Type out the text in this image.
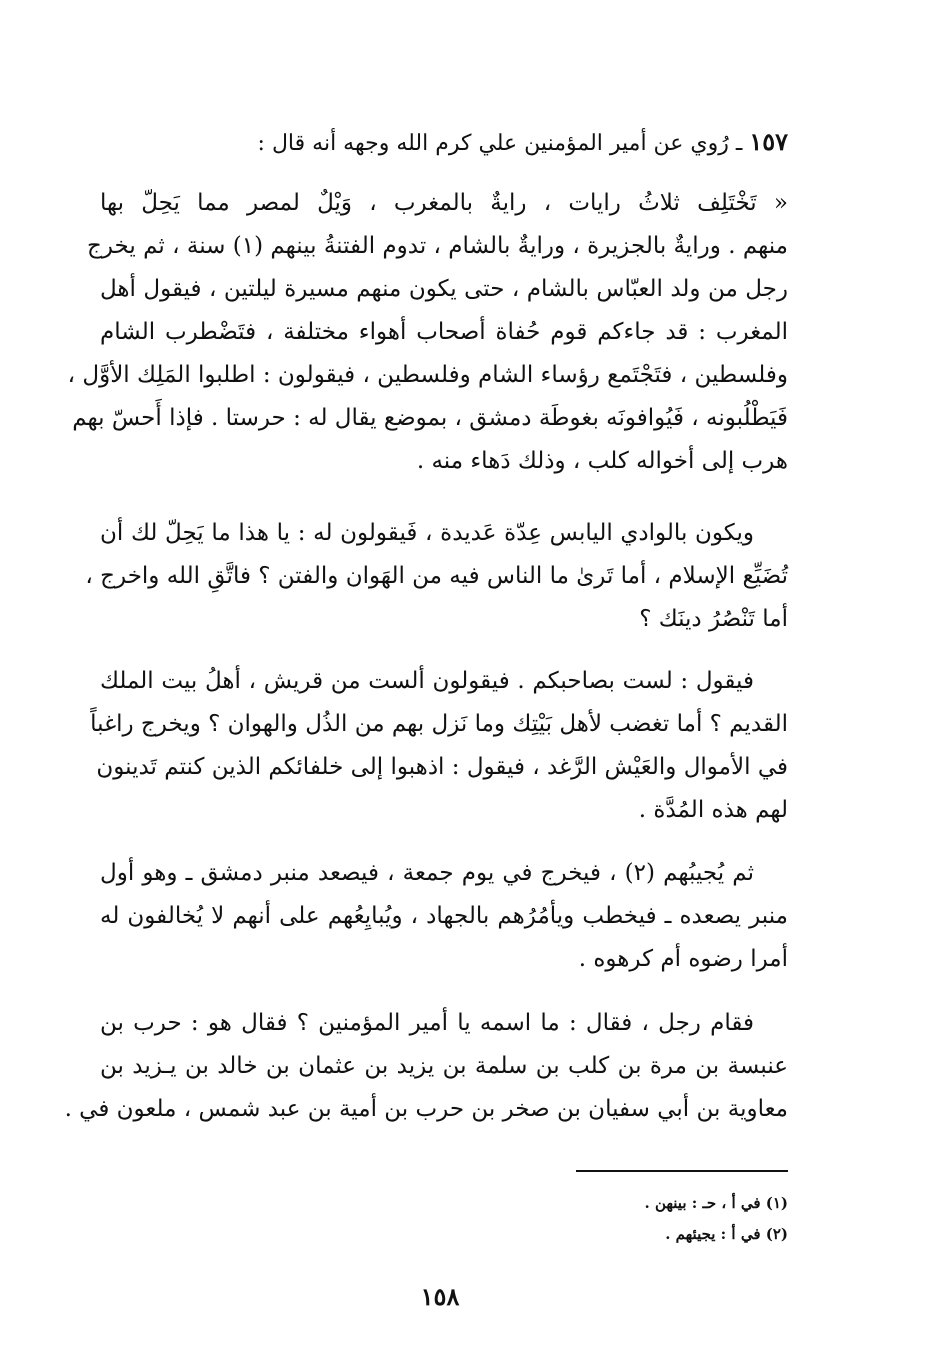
١٥٧ ـ رُوي عن أمير المؤمنين علي كرم الله وجهه أنه قال :
« تَخْتَلِف ثلاثُ رايات ، رايةٌ بالمغرب ، وَيْلٌ لمصر مما يَحِلّ بها
منهم . ورايةٌ بالجزيرة ، ورايةٌ بالشام ، تدوم الفتنةُ بينهم (١) سنة ، ثم يخرج
رجل من ولد العبّاس بالشام ، حتى يكون منهم مسيرة ليلتين ، فيقول أهل
المغرب : قد جاءكم قوم حُفاة أصحاب أهواء مختلفة ، فتَضْطرب الشام
وفلسطين ، فتَجْتَمع رؤساء الشام وفلسطين ، فيقولون : اطلبوا المَلِك الأوَّل ،
فَيَطْلُبونه ، فَيُوافونَه بغوطَة دمشق ، بموضع يقال له : حرستا . فإذا أَحسّ بهم
هرب إلى أخواله كلب ، وذلك دَهاء منه .
ويكون بالوادي اليابس عِدّة عَديدة ، فَيقولون له : يا هذا ما يَحِلّ لك أن
تُضَيِّع الإسلام ، أما تَرىٰ ما الناس فيه من الهَوان والفتن ؟ فاتَّقِ الله واخرج ،
أما تَنْصُرُ دينَك ؟
فيقول : لست بصاحبكم . فيقولون ألست من قريش ، أهلُ بيت الملك
القديم ؟ أما تغضب لأهل بَيْتِك وما نَزل بهم من الذُل والهوان ؟ ويخرج راغباً
في الأموال والعَيْش الرَّغد ، فيقول : اذهبوا إلى خلفائكم الذين كنتم تَدينون
لهم هذه المُدَّة .
ثم يُجيبُهم (٢) ، فيخرج في يوم جمعة ، فيصعد منبر دمشق ـ وهو أول
منبر يصعده ـ فيخطب ويأمُرُهم بالجهاد ، ويُبايِعُهم على أنهم لا يُخالفون له
أمرا رضوه أم كرهوه .
فقام رجل ، فقال : ما اسمه يا أمير المؤمنين ؟ فقال هو : حرب بن
عنبسة بن مرة بن كلب بن سلمة بن يزيد بن عثمان بن خالد بن يـزيد بن
معاوية بن أبي سفيان بن صخر بن حرب بن أمية بن عبد شمس ، ملعون في .
(١) في أ ، حـ : بينهن .
(٢) في أ : يجيئهم .
١٥٨
